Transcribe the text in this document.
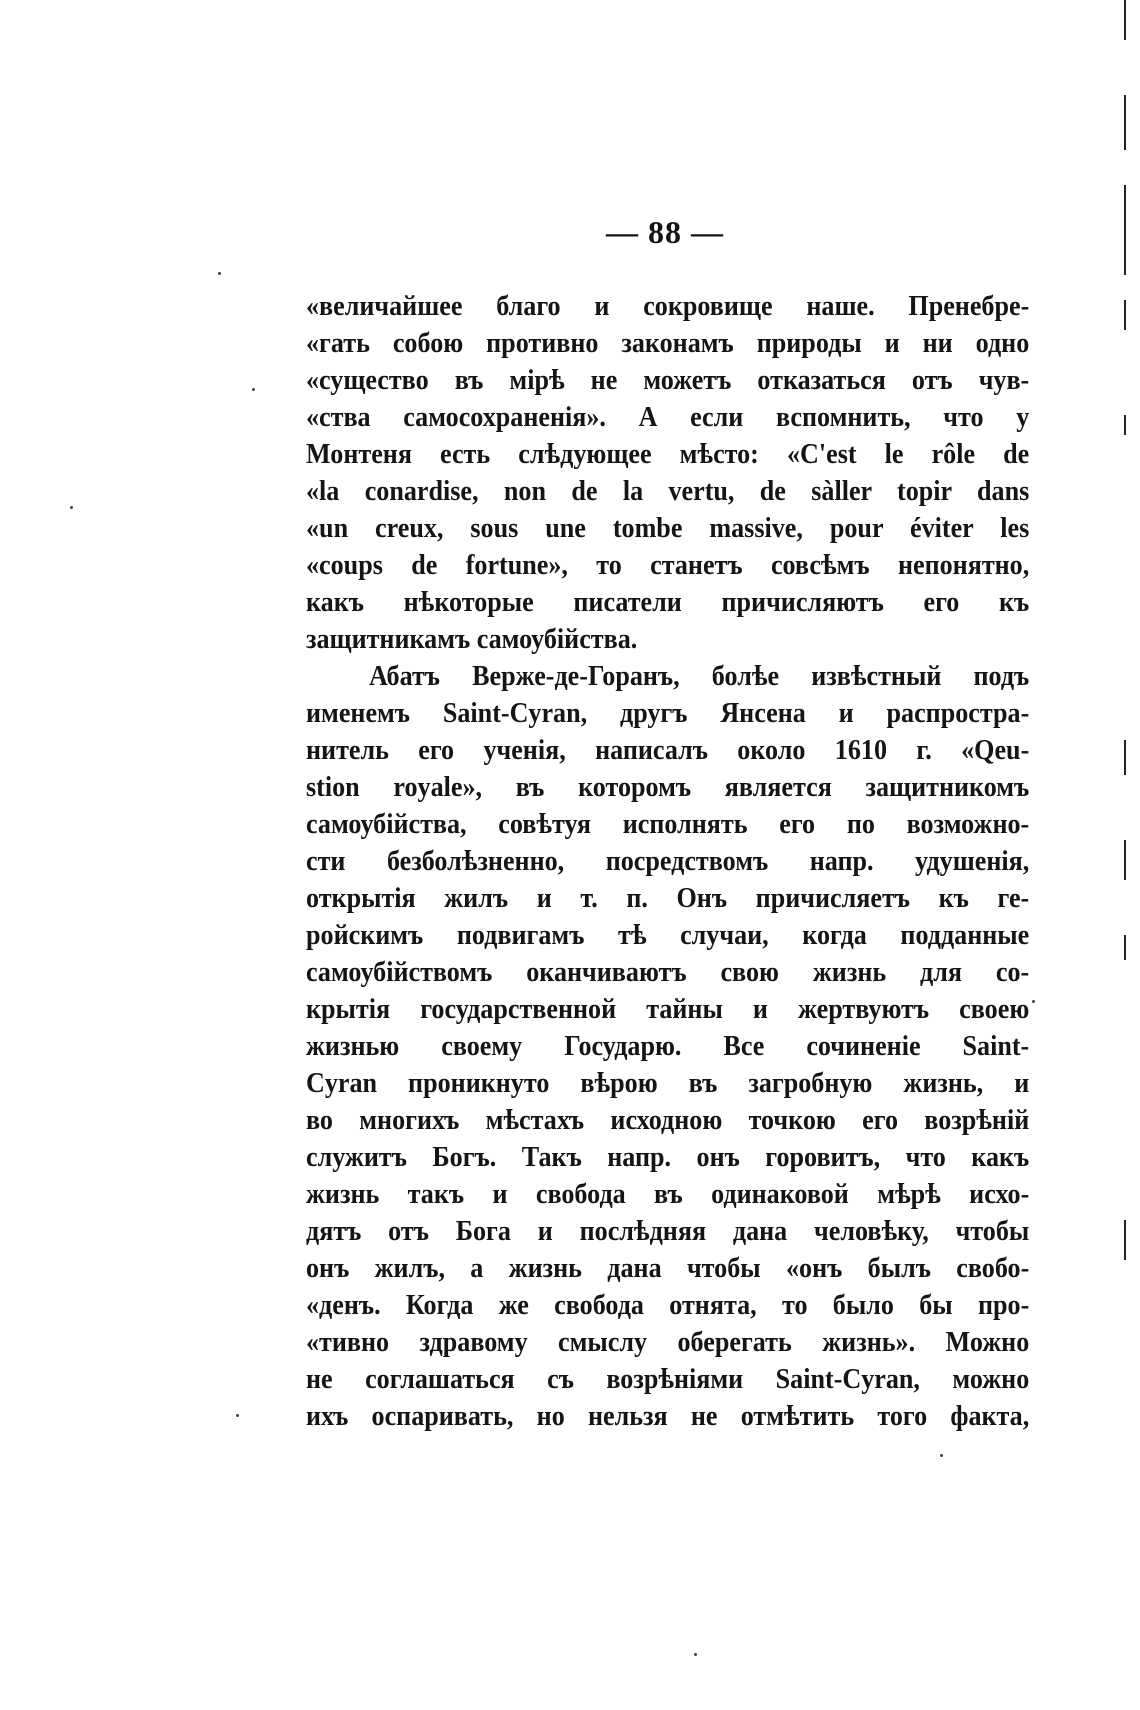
— 88 —
«величайшее благо и сокровище наше. Пренебре-
«гать собою противно законамъ природы и ни одно
«существо въ мірѣ не можетъ отказаться отъ чув-
«ства самосохраненія». А если вспомнить, что у
Монтеня есть слѣдующее мѣсто: «C'est le rôle de
«la conardise, non de la vertu, de sàller topir dans
«un creux, sous une tombe massive, pour éviter les
«coups de fortune», то станетъ совсѣмъ непонятно,
какъ нѣкоторые писатели причисляютъ его къ
защитникамъ самоубійства.
Абатъ Верже-де-Горанъ, болѣе извѣстный подъ
именемъ Saint-Cyran, другъ Янсена и распростра-
нитель его ученія, написалъ около 1610 г. «Qeu-
stion royale», въ которомъ является защитникомъ
самоубійства, совѣтуя исполнять его по возможно-
сти безболѣзненно, посредствомъ напр. удушенія,
открытія жилъ и т. п. Онъ причисляетъ къ ге-
ройскимъ подвигамъ тѣ случаи, когда подданные
самоубійствомъ оканчиваютъ свою жизнь для со-
крытія государственной тайны и жертвуютъ своею
жизнью своему Государю. Все сочиненіе Saint-
Cyran проникнуто вѣрою въ загробную жизнь, и
во многихъ мѣстахъ исходною точкою его возрѣній
служитъ Богъ. Такъ напр. онъ горовитъ, что какъ
жизнь такъ и свобода въ одинаковой мѣрѣ исхо-
дятъ отъ Бога и послѣдняя дана человѣку, чтобы
онъ жилъ, а жизнь дана чтобы «онъ былъ свобо-
«денъ. Когда же свобода отнята, то было бы про-
«тивно здравому смыслу оберегать жизнь». Можно
не соглашаться съ возрѣніями Saint-Cyran, можно
ихъ оспаривать, но нельзя не отмѣтить того факта,
